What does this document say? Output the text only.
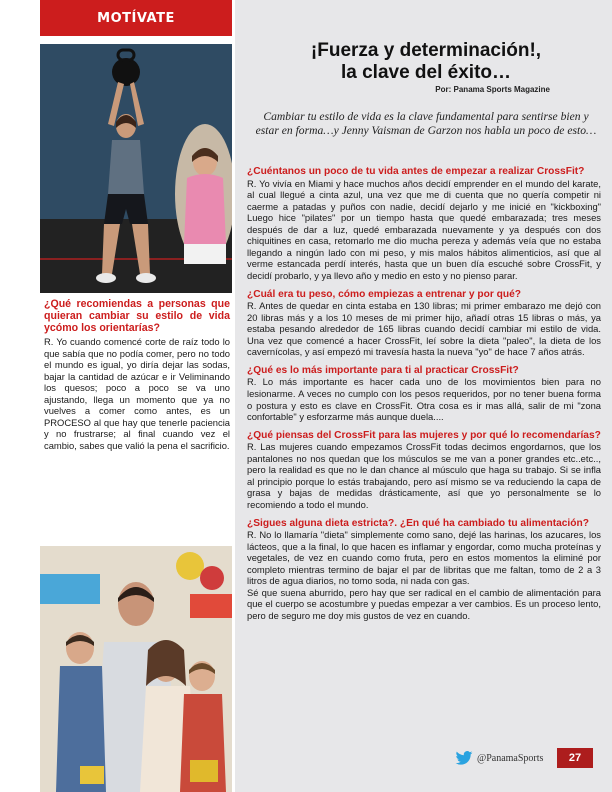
MOTÍVATE
¿Qué recomiendas a personas que quieran cambiar su estilo de vida ycómo los orientarías?
R. Yo cuando comencé corte de raíz todo lo que sabía que no podía comer, pero no todo el mundo es igual, yo diría dejar las sodas, bajar la cantidad de azúcar e ir Veliminando los quesos; poco a poco se va uno ajustando, llega un momento que ya no vuelves a comer como antes, es un PROCESO al que hay que tenerle paciencia y no frustrarse; al final cuando vez el cambio, sabes que valió la pena el sacrificio.
¡Fuerza y determinación!,
la clave del éxito…
Por: Panama Sports Magazine
Cambiar tu estilo de vida es la clave fundamental para sentirse bien y estar en forma…y Jenny Vaisman de Garzon nos habla un poco de esto…

¿Cuéntanos un poco de tu vida antes de empezar a realizar CrossFit?

R. Yo vivía en Miami y hace muchos años decidí emprender en el mundo del karate, al cual llegué a cinta azul, una vez que me di cuenta que no quería competir ni caerme a patadas y puños con nadie, decidí dejarlo y me inicié en "kickboxing" Luego hice "pilates" por un tiempo hasta que quedé embarazada; tres meses después de dar a luz, quedé embarazada nuevamente y ya después con dos chiquitines en casa, retomarlo me dio mucha pereza y además veía que no estaba llegando a ningún lado con mi peso, y mis malos hábitos alimenticios, así que al verme estancada perdí interés, hasta que un buen día escuché sobre CrossFit, y decidí probarlo, y ya llevo año y medio en esto y no pienso parar.

¿Cuál era tu peso, cómo empiezas a entrenar y por qué?

R. Antes de quedar en cinta estaba en 130 libras; mi primer embarazo me dejó con 20 libras más y a los 10 meses de mi primer hijo, añadí otras 15 libras o más, ya estaba pesando alrededor de 165 libras cuando decidí cambiar mi estilo de vida. Una vez que comencé a hacer CrossFit, leí sobre la dieta "paleo", la dieta de los cavernícolas, y así empezó mi travesía hasta la nueva "yo" de hace 7 años atrás.

¿Qué es lo más importante para ti al practicar CrossFit?

R. Lo más importante es hacer cada uno de los movimientos bien para no lesionarme. A veces no cumplo con los pesos requeridos, por no tener buena forma o postura y esto es clave en CrossFit. Otra cosa es ir mas allá, salir de mi "zona confortable" y esforzarme más aunque duela....

¿Qué piensas del CrossFit para las mujeres y por qué lo recomendarías?

R. Las mujeres cuando empezamos CrossFit todas decimos engordarnos, que los pantalones no nos quedan que los músculos se me van a poner grandes etc..etc.., pero la realidad es que no le dan chance al músculo que haga su trabajo. Si se infla al principio porque lo estás trabajando, pero así mismo se va reduciendo la capa de grasa y bajas de medidas drásticamente, así que yo personalmente se lo recomiendo a todo el mundo.

¿Sigues alguna dieta estricta?. ¿En qué ha cambiado tu alimentación?

R. No lo llamaría "dieta" simplemente como sano, dejé las harinas, los azucares, los lácteos, que a la final, lo que hacen es inflamar y engordar, como mucha proteínas y vegetales, de vez en cuando como fruta, pero en estos momentos la eliminé por completo mientras termino de bajar el par de libritas que me faltan, tomo de 2 a 3 litros de agua diarios, no tomo soda, ni nada con gas.
Sé que suena aburrido, pero hay que ser radical en el cambio de alimentación para que el cuerpo se acostumbre y puedas empezar a ver cambios. Es un proceso lento, pero de seguro me doy mis gustos de vez en cuando.

@PanamaSports	27
